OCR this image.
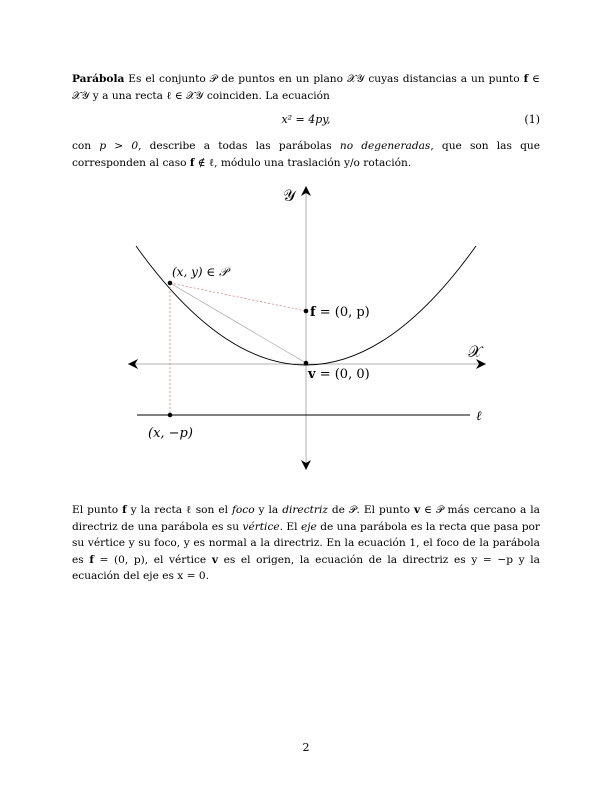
Parábola Es el conjunto 𝒫 de puntos en un plano 𝒳𝒴 cuyas distancias a un punto f ∈ 𝒳𝒴 y a una recta ℓ ∈ 𝒳𝒴 coinciden. La ecuación

x² = 4py,	(1)

con p > 0, describe a todas las parábolas no degeneradas, que son las que corresponden al caso f ∉ ℓ, módulo una traslación y/o rotación.

𝒴
𝒳
(x, y) ∈ 𝒫
f = (0, p)
v = (0, 0)
(x, −p)
ℓ

El punto f y la recta ℓ son el foco y la directriz de 𝒫. El punto v ∈ 𝒫 más cercano a la directriz de una parábola es su vértice. El eje de una parábola es la recta que pasa por su vértice y su foco, y es normal a la directriz. En la ecuación 1, el foco de la parábola es f = (0, p), el vértice v es el origen, la ecuación de la directriz es y = −p y la ecuación del eje es x = 0.

2
